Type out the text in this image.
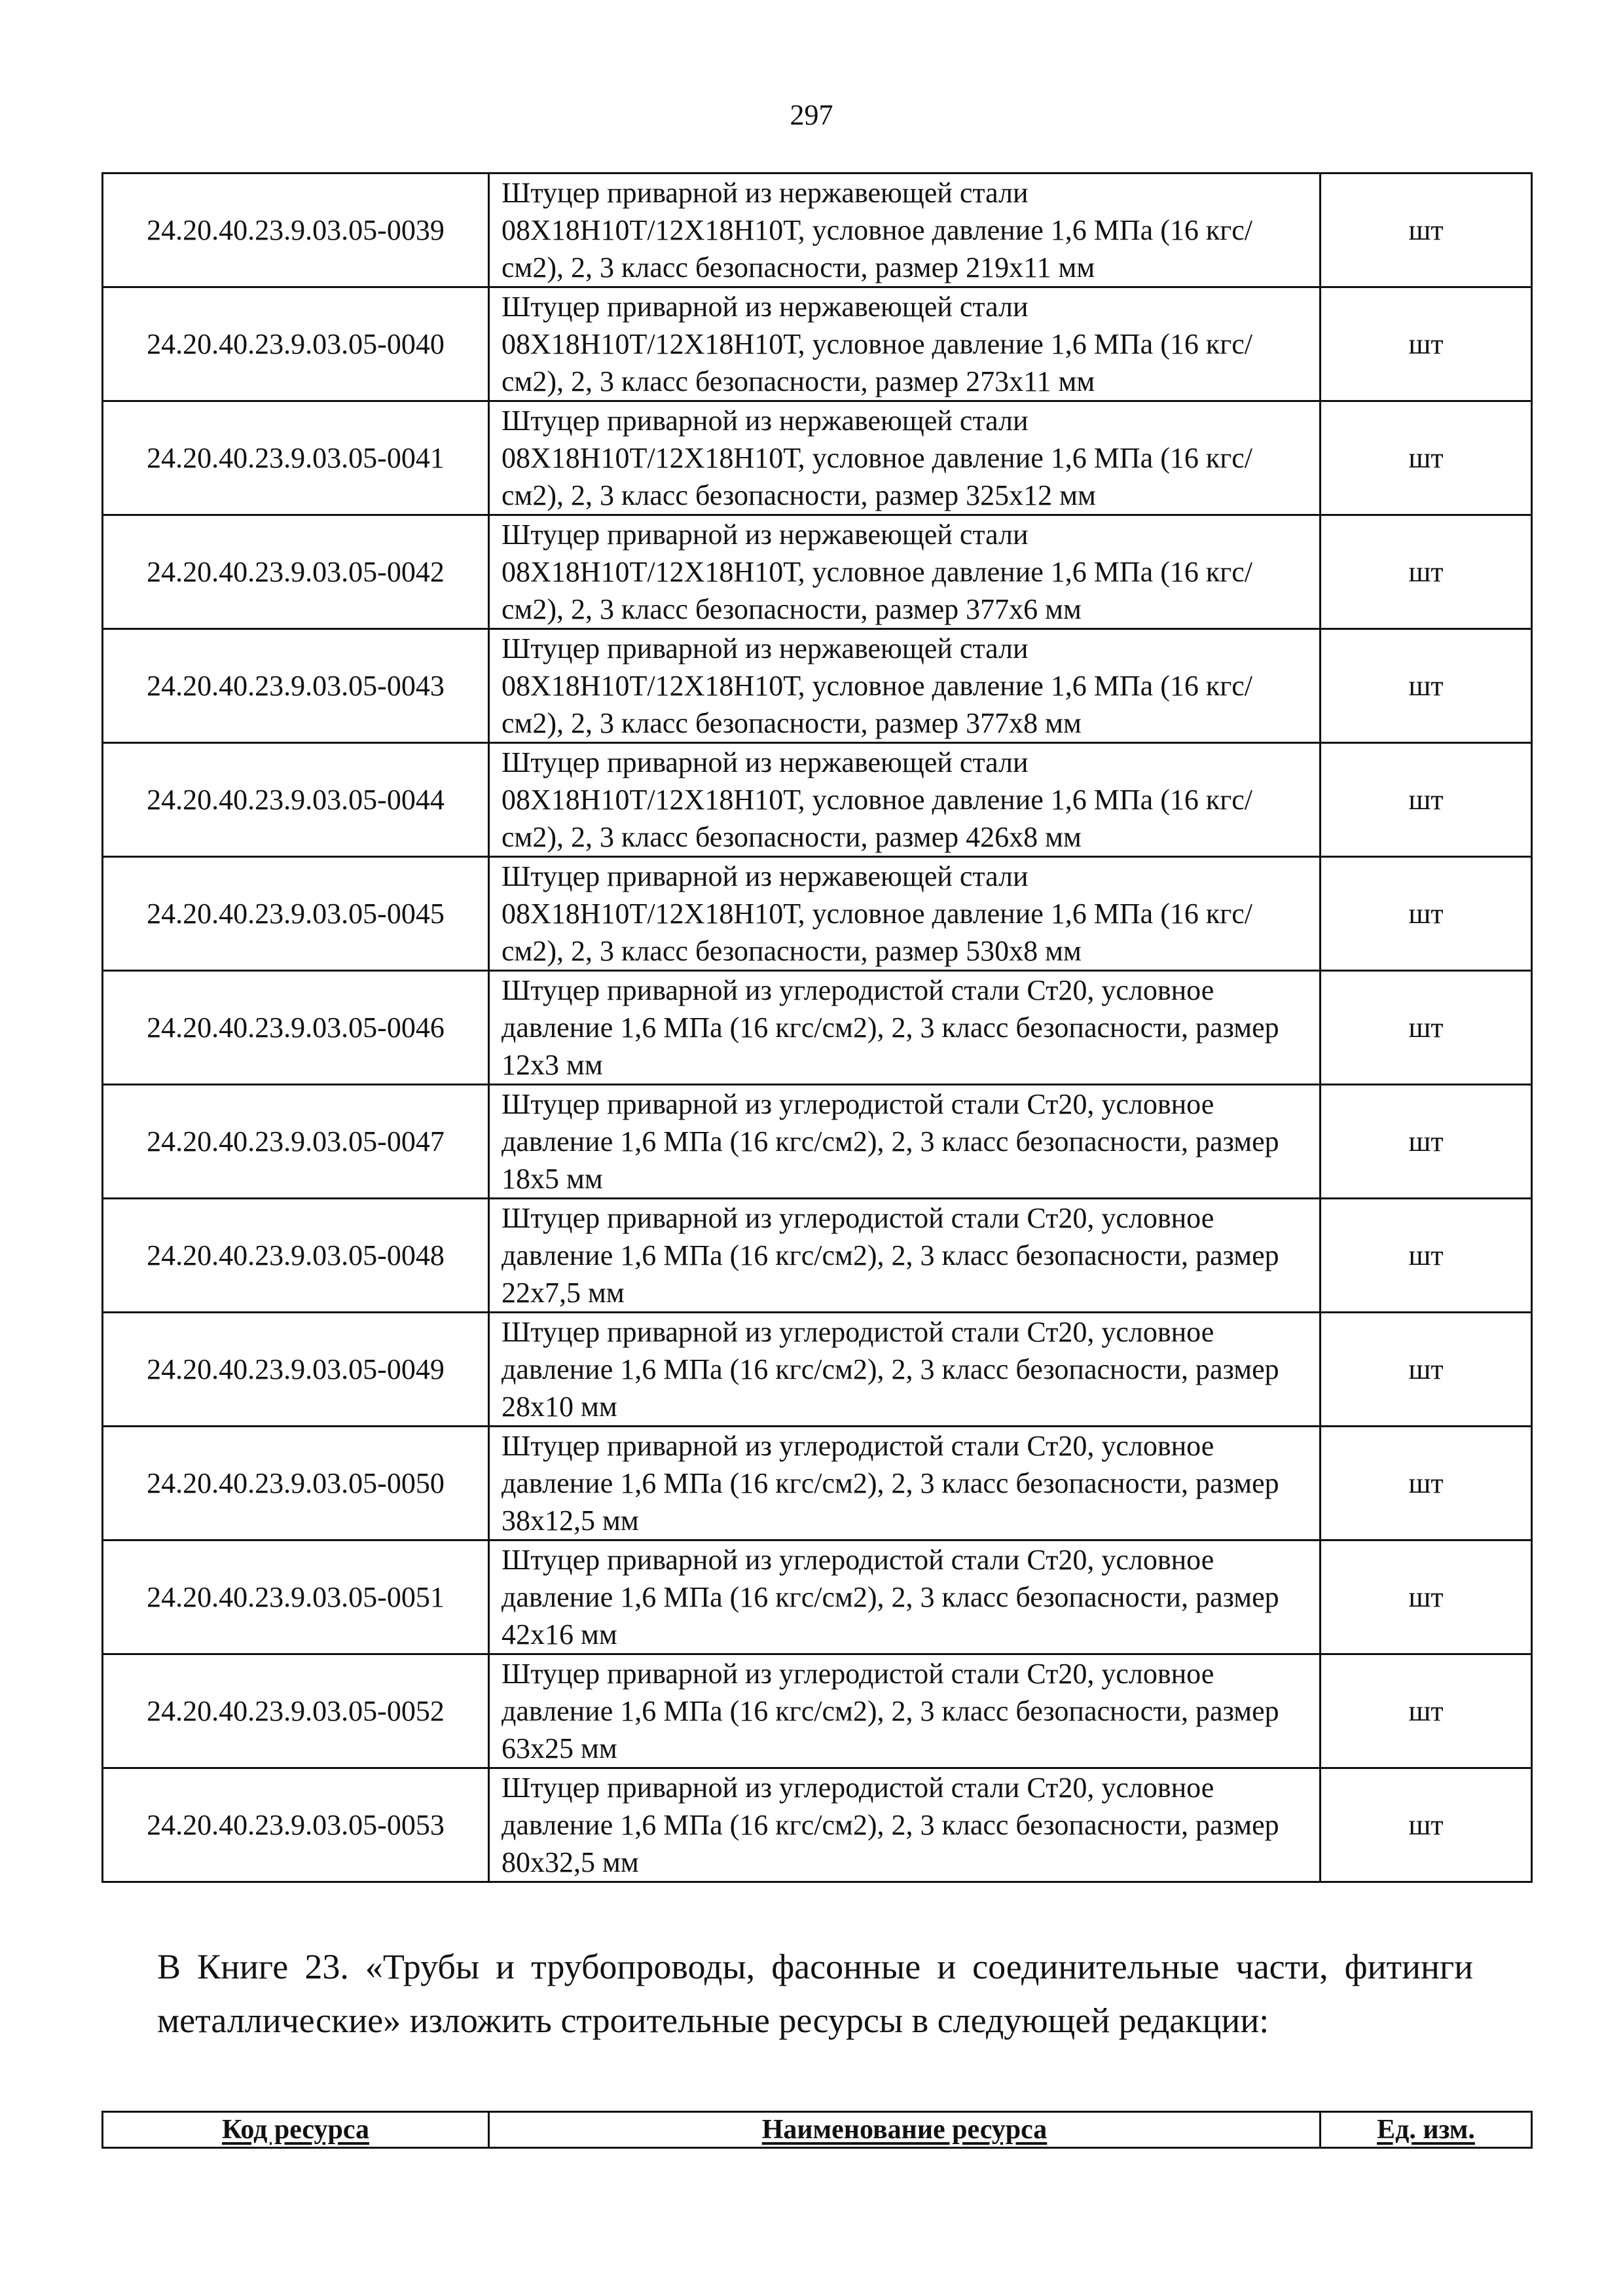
297
24.20.40.23.9.03.05-0039	Штуцер приварной из нержавеющей стали 08Х18Н10Т/12Х18Н10Т, условное давление 1,6 МПа (16 кгс/см2), 2, 3 класс безопасности, размер 219х11 мм	шт
24.20.40.23.9.03.05-0040	Штуцер приварной из нержавеющей стали 08Х18Н10Т/12Х18Н10Т, условное давление 1,6 МПа (16 кгс/см2), 2, 3 класс безопасности, размер 273х11 мм	шт
24.20.40.23.9.03.05-0041	Штуцер приварной из нержавеющей стали 08Х18Н10Т/12Х18Н10Т, условное давление 1,6 МПа (16 кгс/см2), 2, 3 класс безопасности, размер 325х12 мм	шт
24.20.40.23.9.03.05-0042	Штуцер приварной из нержавеющей стали 08Х18Н10Т/12Х18Н10Т, условное давление 1,6 МПа (16 кгс/см2), 2, 3 класс безопасности, размер 377х6 мм	шт
24.20.40.23.9.03.05-0043	Штуцер приварной из нержавеющей стали 08Х18Н10Т/12Х18Н10Т, условное давление 1,6 МПа (16 кгс/см2), 2, 3 класс безопасности, размер 377х8 мм	шт
24.20.40.23.9.03.05-0044	Штуцер приварной из нержавеющей стали 08Х18Н10Т/12Х18Н10Т, условное давление 1,6 МПа (16 кгс/см2), 2, 3 класс безопасности, размер 426х8 мм	шт
24.20.40.23.9.03.05-0045	Штуцер приварной из нержавеющей стали 08Х18Н10Т/12Х18Н10Т, условное давление 1,6 МПа (16 кгс/см2), 2, 3 класс безопасности, размер 530х8 мм	шт
24.20.40.23.9.03.05-0046	Штуцер приварной из углеродистой стали Ст20, условное давление 1,6 МПа (16 кгс/см2), 2, 3 класс безопасности, размер 12х3 мм	шт
24.20.40.23.9.03.05-0047	Штуцер приварной из углеродистой стали Ст20, условное давление 1,6 МПа (16 кгс/см2), 2, 3 класс безопасности, размер 18х5 мм	шт
24.20.40.23.9.03.05-0048	Штуцер приварной из углеродистой стали Ст20, условное давление 1,6 МПа (16 кгс/см2), 2, 3 класс безопасности, размер 22х7,5 мм	шт
24.20.40.23.9.03.05-0049	Штуцер приварной из углеродистой стали Ст20, условное давление 1,6 МПа (16 кгс/см2), 2, 3 класс безопасности, размер 28х10 мм	шт
24.20.40.23.9.03.05-0050	Штуцер приварной из углеродистой стали Ст20, условное давление 1,6 МПа (16 кгс/см2), 2, 3 класс безопасности, размер 38х12,5 мм	шт
24.20.40.23.9.03.05-0051	Штуцер приварной из углеродистой стали Ст20, условное давление 1,6 МПа (16 кгс/см2), 2, 3 класс безопасности, размер 42х16 мм	шт
24.20.40.23.9.03.05-0052	Штуцер приварной из углеродистой стали Ст20, условное давление 1,6 МПа (16 кгс/см2), 2, 3 класс безопасности, размер 63х25 мм	шт
24.20.40.23.9.03.05-0053	Штуцер приварной из углеродистой стали Ст20, условное давление 1,6 МПа (16 кгс/см2), 2, 3 класс безопасности, размер 80х32,5 мм	шт
В Книге 23. «Трубы и трубопроводы, фасонные и соединительные части, фитинги металлические» изложить строительные ресурсы в следующей редакции:
Код ресурса	Наименование ресурса	Ед. изм.
